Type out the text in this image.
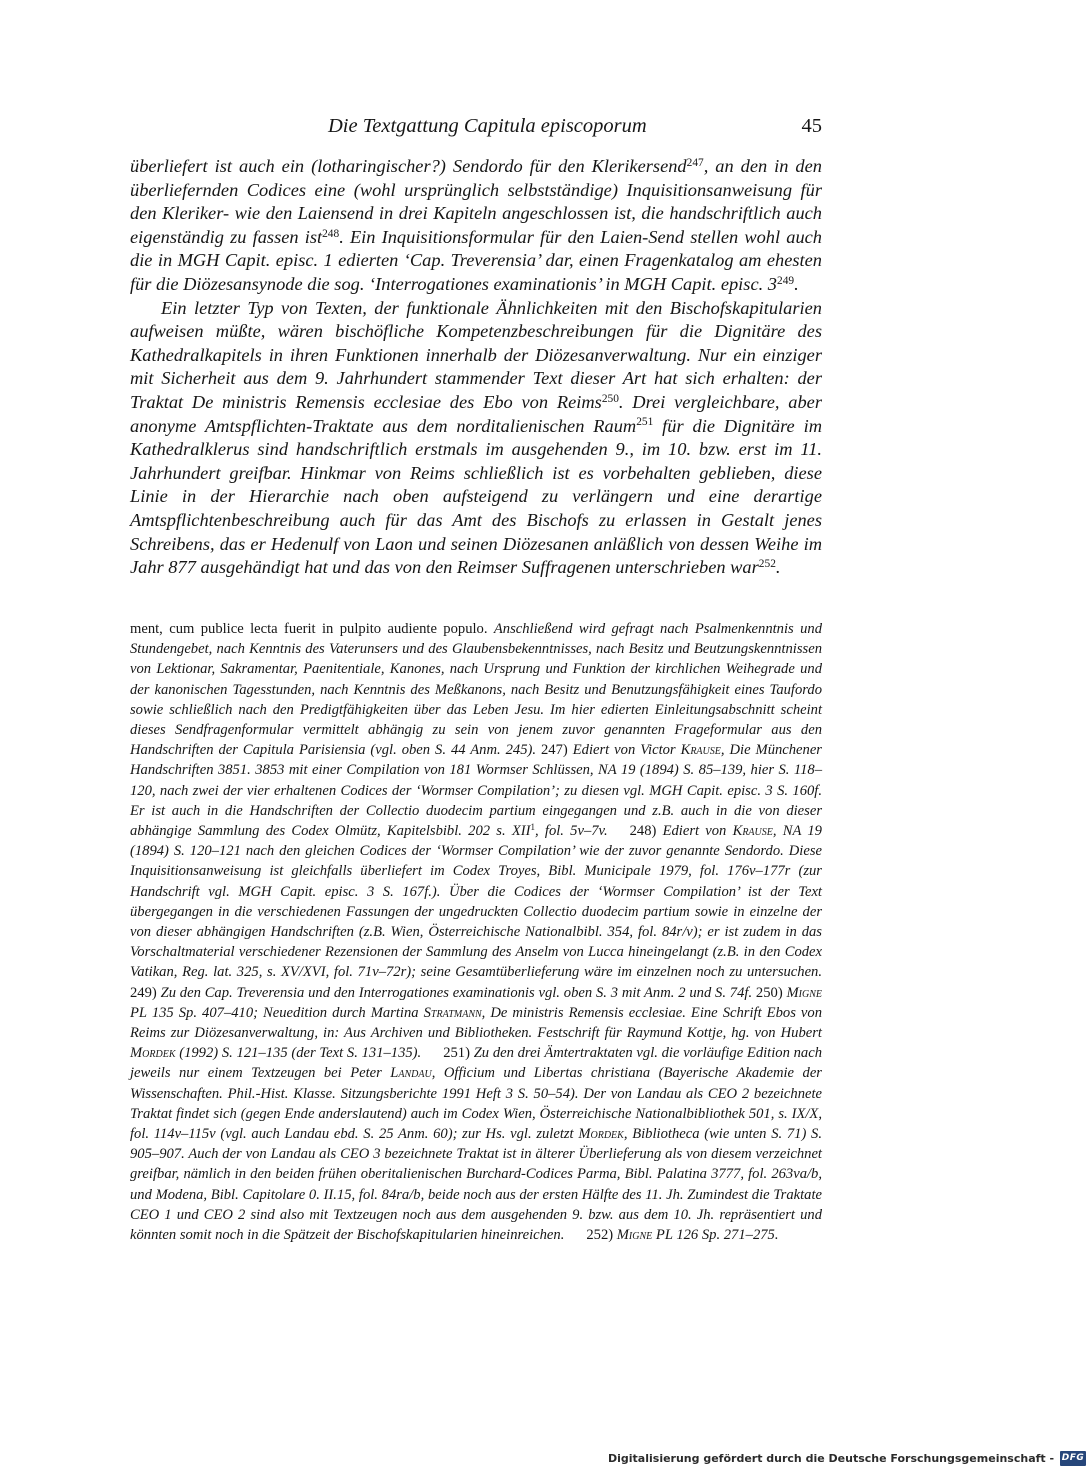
Die Textgattung Capitula episcoporum	45

überliefert ist auch ein (lotharingischer?) Sendordo für den Klerikersend$^{247}$, an den in den überliefernden Codices eine (wohl ursprünglich selbstständige) Inquisitionsanweisung für den Kleriker- wie den Laiensend in drei Kapiteln angeschlossen ist, die handschriftlich auch eigenständig zu fassen ist$^{248}$. Ein Inquisitionsformular für den Laien-Send stellen wohl auch die in MGH Capit. episc. 1 edierten ‘Cap. Treverensia’ dar, einen Fragenkatalog am ehesten für die Diözesansynode die sog. ‘Interrogationes examinationis’ in MGH Capit. episc. $3^{249}$.

Ein letzter Typ von Texten, der funktionale Ähnlichkeiten mit den Bischofskapitularien aufweisen müßte, wären bischöfliche Kompetenzbeschreibungen für die Dignitäre des Kathedralkapitels in ihren Funktionen innerhalb der Diözesanverwaltung. Nur ein einziger mit Sicherheit aus dem 9. Jahrhundert stammender Text dieser Art hat sich erhalten: der Traktat De ministris Remensis ecclesiae des Ebo von Reims$^{250}$. Drei vergleichbare, aber anonyme Amtspflichten-Traktate aus dem norditalienischen Raum$^{251}$ für die Dignitäre im Kathedralklerus sind handschriftlich erstmals im ausgehenden 9., im 10. bzw. erst im 11. Jahrhundert greifbar. Hinkmar von Reims schließlich ist es vorbehalten geblieben, diese Linie in der Hierarchie nach oben aufsteigend zu verlängern und eine derartige Amtspflichtenbeschreibung auch für das Amt des Bischofs zu erlassen in Gestalt jenes Schreibens, das er Hedenulf von Laon und seinen Diözesanen anläßlich von dessen Weihe im Jahr 877 ausgehändigt hat und das von den Reimser Suffragenen unterschrieben war$^{252}$.

ment, cum publice lecta fuerit in pulpito audiente populo. Anschließend wird gefragt nach Psalmenkenntnis und Stundengebet, nach Kenntnis des Vaterunsers und des Glaubensbekenntnisses, nach Besitz und Beutzungskenntnissen von Lektionar, Sakramentar, Paenitentiale, Kanones, nach Ursprung und Funktion der kirchlichen Weihegrade und der kanonischen Tagesstunden, nach Kenntnis des Meßkanons, nach Besitz und Benutzungsfähigkeit eines Taufordo sowie schließlich nach den Predigtfähigkeiten über das Leben Jesu. Im hier edierten Einleitungsabschnitt scheint dieses Sendfragenformular vermittelt abhängig zu sein von jenem zuvor genannten Frageformular aus den Handschriften der Capitula Parisiensia (vgl. oben S. 44 Anm. 245). 247) Ediert von Victor Krause, Die Münchener Handschriften 3851. 3853 mit einer Compilation von 181 Wormser Schlüssen, NA 19 (1894) S. 85–139, hier S. 118–120, nach zwei der vier erhaltenen Codices der ‘Wormser Compilation’; zu diesen vgl. MGH Capit. episc. 3 S. 160f. Er ist auch in die Handschriften der Collectio duodecim partium eingegangen und z.B. auch in die von dieser abhängige Sammlung des Codex Olmütz, Kapitelsbibl. 202 s. XII$^1$, fol. 5v–7v. 248) Ediert von Krause, NA 19 (1894) S. 120–121 nach den gleichen Codices der ‘Wormser Compilation’ wie der zuvor genannte Sendordo. Diese Inquisitionsanweisung ist gleichfalls überliefert im Codex Troyes, Bibl. Municipale 1979, fol. 176v–177r (zur Handschrift vgl. MGH Capit. episc. 3 S. 167f.). Über die Codices der ‘Wormser Compilation’ ist der Text übergegangen in die verschiedenen Fassungen der ungedruckten Collectio duodecim partium sowie in einzelne der von dieser abhängigen Handschriften (z.B. Wien, Österreichische Nationalbibl. 354, fol. 84r/v); er ist zudem in das Vorschaltmaterial verschiedener Rezensionen der Sammlung des Anselm von Lucca hineingelangt (z.B. in den Codex Vatikan, Reg. lat. 325, s. XV/XVI, fol. 71v–72r); seine Gesamtüberlieferung wäre im einzelnen noch zu untersuchen. 249) Zu den Cap. Treverensia und den Interrogationes examinationis vgl. oben S. 3 mit Anm. 2 und S. 74f. 250) Migne PL 135 Sp. 407–410; Neuedition durch Martina Stratmann, De ministris Remensis ecclesiae. Eine Schrift Ebos von Reims zur Diözesanverwaltung, in: Aus Archiven und Bibliotheken. Festschrift für Raymund Kottje, hg. von Hubert Mordek (1992) S. 121–135 (der Text S. 131–135). 251) Zu den drei Ämtertraktaten vgl. die vorläufige Edition nach jeweils nur einem Textzeugen bei Peter Landau, Officium und Libertas christiana (Bayerische Akademie der Wissenschaften. Phil.-Hist. Klasse. Sitzungsberichte 1991 Heft 3 S. 50–54). Der von Landau als CEO 2 bezeichnete Traktat findet sich (gegen Ende anderslautend) auch im Codex Wien, Österreichische Nationalbibliothek 501, s. IX/X, fol. 114v–115v (vgl. auch Landau ebd. S. 25 Anm. 60); zur Hs. vgl. zuletzt Mordek, Bibliotheca (wie unten S. 71) S. 905–907. Auch der von Landau als CEO 3 bezeichnete Traktat ist in älterer Überlieferung als von diesem verzeichnet greifbar, nämlich in den beiden frühen oberitalienischen Burchard-Codices Parma, Bibl. Palatina 3777, fol. 263va/b, und Modena, Bibl. Capitolare 0. II.15, fol. 84ra/b, beide noch aus der ersten Hälfte des 11. Jh. Zumindest die Traktate CEO 1 und CEO 2 sind also mit Textzeugen noch aus dem ausgehenden 9. bzw. aus dem 10. Jh. repräsentiert und könnten somit noch in die Spätzeit der Bischofskapitularien hineinreichen. 252) Migne PL 126 Sp. 271–275.
Digitalisierung gefördert durch die Deutsche Forschungsgemeinschaft - DFG
